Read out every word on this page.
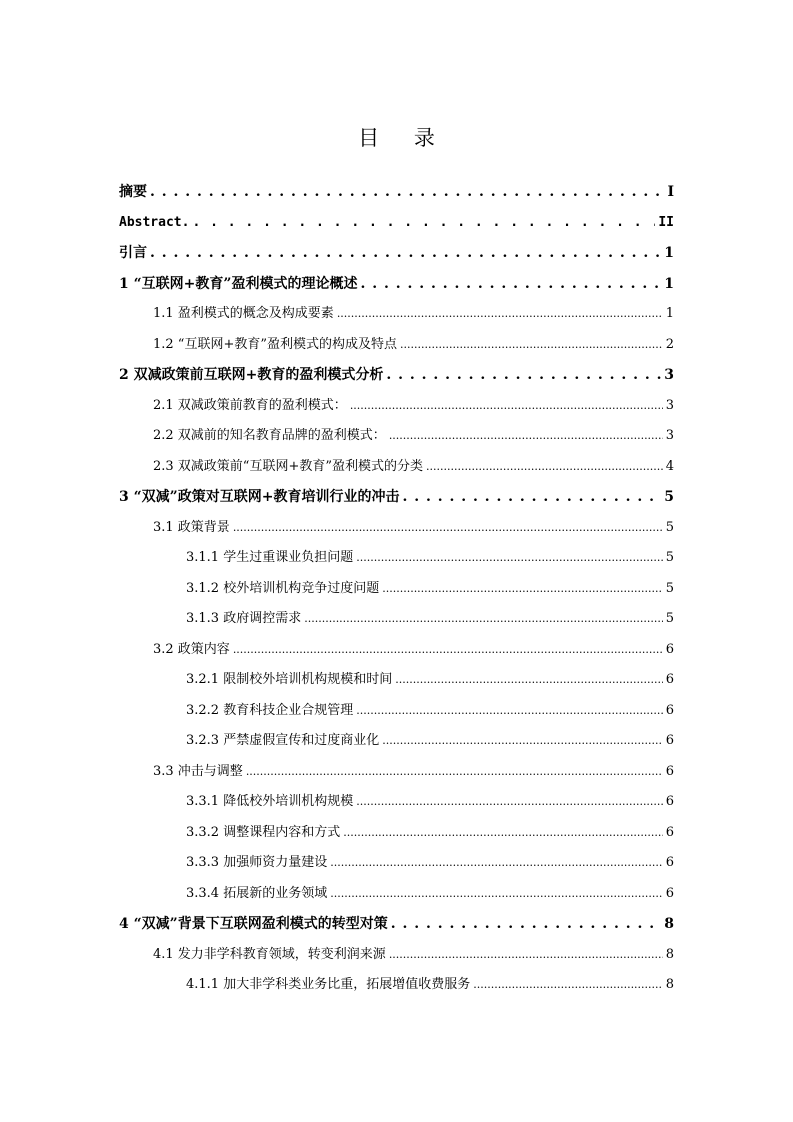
目 录
摘要 . . .	I
Abstract. . . .	II
引言 . . .	1
1 “互联网+教育”盈利模式的理论概述 . . .	1
1.1 盈利模式的概念及构成要素 .....	1
1.2 “互联网+教育”盈利模式的构成及特点 .....	2
2 双减政策前互联网+教育的盈利模式分析 . . .	3
2.1 双减政策前教育的盈利模式： .....	3
2.2 双减前的知名教育品牌的盈利模式： .....	3
2.3 双减政策前“互联网+教育”盈利模式的分类 .....	4
3 “双减”政策对互联网+教育培训行业的冲击 . . .	5
3.1 政策背景 .....	5
3.1.1 学生过重课业负担问题 .....	5
3.1.2 校外培训机构竞争过度问题 .....	5
3.1.3 政府调控需求 .....	5
3.2 政策内容 .....	6
3.2.1 限制校外培训机构规模和时间 .....	6
3.2.2 教育科技企业合规管理 .....	6
3.2.3 严禁虚假宣传和过度商业化 .....	6
3.3 冲击与调整 .....	6
3.3.1 降低校外培训机构规模 .....	6
3.3.2 调整课程内容和方式 .....	6
3.3.3 加强师资力量建设 .....	6
3.3.4 拓展新的业务领域 .....	6
4 “双减”背景下互联网盈利模式的转型对策 . . .	8
4.1 发力非学科教育领域，转变利润来源 .....	8
4.1.1 加大非学科类业务比重，拓展增值收费服务 .....	8
